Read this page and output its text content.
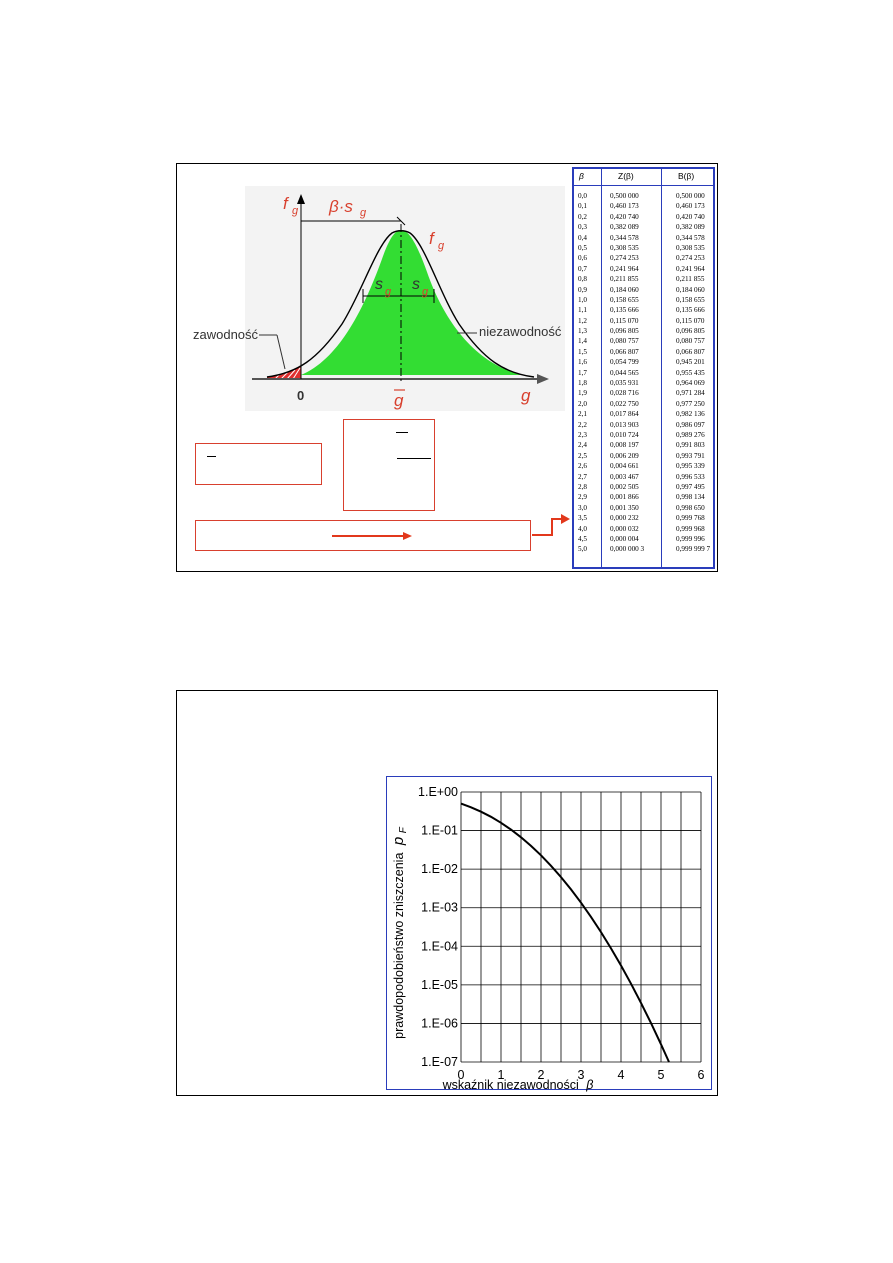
f g β·s g
f g
s g s g
zawodność	niezawodność
0	g	g
β	Z(β)	B(β)
0,0	0,500 000	0,500 000
0,1	0,460 173	0,460 173
0,2	0,420 740	0,420 740
0,3	0,382 089	0,382 089
0,4	0,344 578	0,344 578
0,5	0,308 535	0,308 535
0,6	0,274 253	0,274 253
0,7	0,241 964	0,241 964
0,8	0,211 855	0,211 855
0,9	0,184 060	0,184 060
1,0	0,158 655	0,158 655
1,1	0,135 666	0,135 666
1,2	0,115 070	0,115 070
1,3	0,096 805	0,096 805
1,4	0,080 757	0,080 757
1,5	0,066 807	0,066 807
1,6	0,054 799	0,945 201
1,7	0,044 565	0,955 435
1,8	0,035 931	0,964 069
1,9	0,028 716	0,971 284
2,0	0,022 750	0,977 250
2,1	0,017 864	0,982 136
2,2	0,013 903	0,986 097
2,3	0,010 724	0,989 276
2,4	0,008 197	0,991 803
2,5	0,006 209	0,993 791
2,6	0,004 661	0,995 339
2,7	0,003 467	0,996 533
2,8	0,002 505	0,997 495
2,9	0,001 866	0,998 134
3,0	0,001 350	0,998 650
3,5	0,000 232	0,999 768
4,0	0,000 032	0,999 968
4,5	0,000 004	0,999 996
5,0	0,000 000 3	0,999 999 7
1.E+00
1.E-01
1.E-02
1.E-03
1.E-04
1.E-05
1.E-06
1.E-07
0	1	2	3	4	5	6
wskaźnik niezawodności β
prawdopodobieństwo zniszczenia p $_F$
